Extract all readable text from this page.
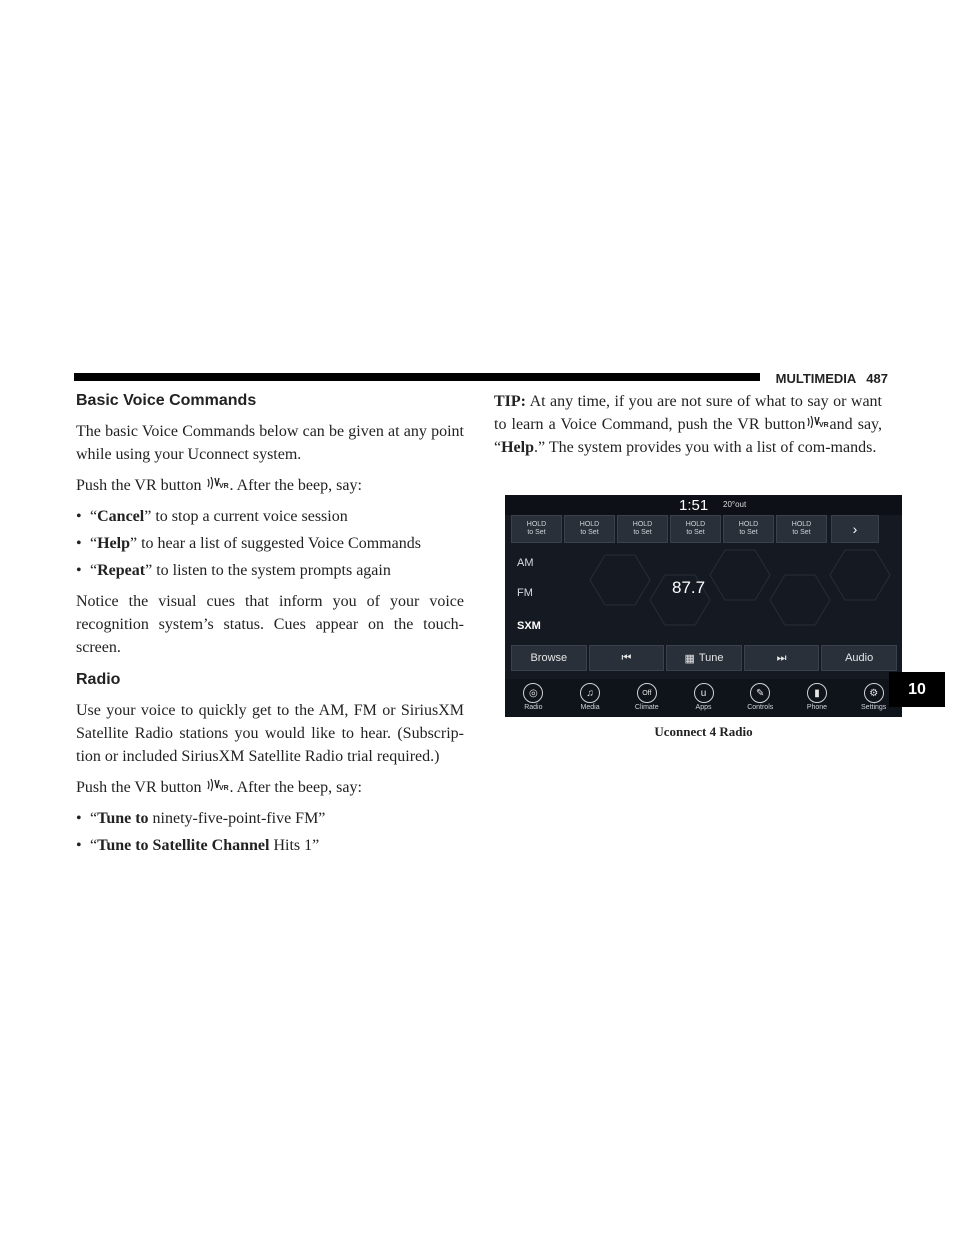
MULTIMEDIA 487
Basic Voice Commands

The basic Voice Commands below can be given at any point while using your Uconnect system.

Push the VR button VR . After the beep, say:

• “Cancel” to stop a current voice session
• “Help” to hear a list of suggested Voice Commands
• “Repeat” to listen to the system prompts again

Notice the visual cues that inform you of your voice recognition system’s status. Cues appear on the touch-screen.

Radio

Use your voice to quickly get to the AM, FM or SiriusXM Satellite Radio stations you would like to hear. (Subscrip-tion or included SiriusXM Satellite Radio trial required.)

Push the VR button VR . After the beep, say:

• “Tune to ninety-five-point-five FM”
• “Tune to Satellite Channel Hits 1”

TIP: At any time, if you are not sure of what to say or want to learn a Voice Command, push the VR button VR and say, “Help.” The system provides you with a list of com-mands.

1:51 20°out
HOLD
to Set
HOLD
to Set
HOLD
to Set
HOLD
to Set
HOLD
to Set
HOLD
to Set	›
AM
FM
SXM
87.7
Browse	⏮	▦ Tune	⏭	Audio
◎
Radio
♫
Media
Off
Climate
u
Apps
✎
Controls
▮
Phone
⚙
Settings
Uconnect 4 Radio
10
